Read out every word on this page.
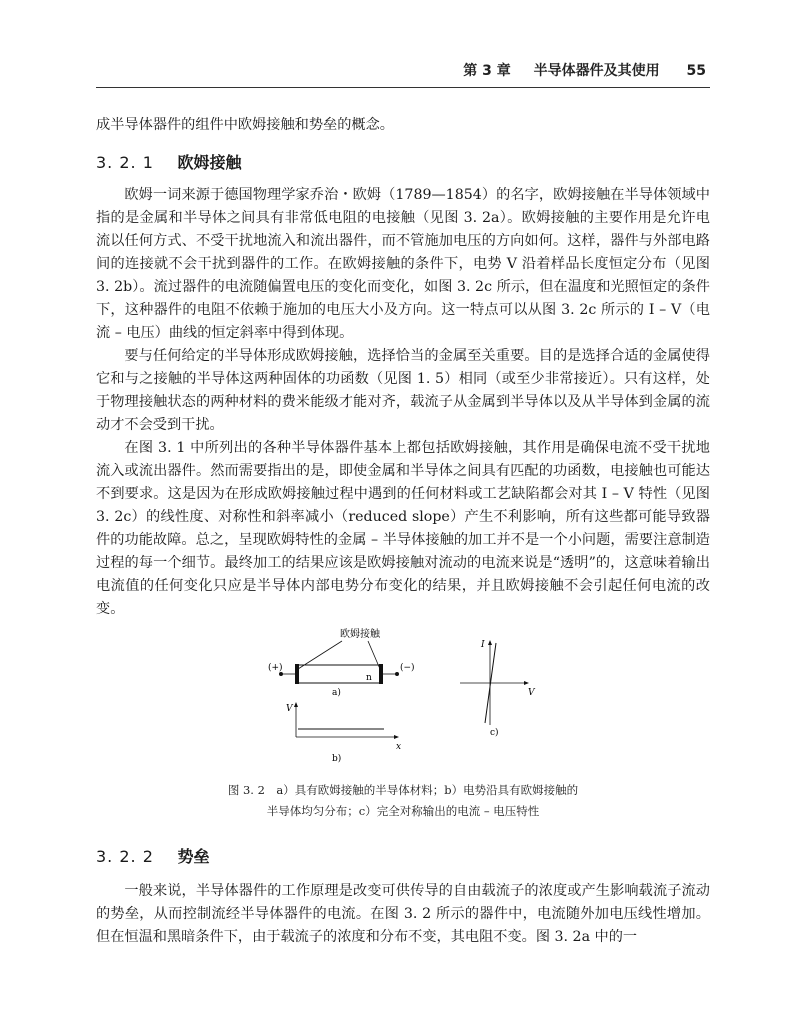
第 3 章 半导体器件及其使用 55

成半导体器件的组件中欧姆接触和势垒的概念。

3. 2. 1 欧姆接触

欧姆一词来源于德国物理学家乔治・欧姆（1789—1854）的名字，欧姆接触在半导体领域中指的是金属和半导体之间具有非常低电阻的电接触（见图 3. 2a）。欧姆接触的主要作用是允许电流以任何方式、不受干扰地流入和流出器件，而不管施加电压的方向如何。这样，器件与外部电路间的连接就不会干扰到器件的工作。在欧姆接触的条件下，电势 V 沿着样品长度恒定分布（见图 3. 2b）。流过器件的电流随偏置电压的变化而变化，如图 3. 2c 所示，但在温度和光照恒定的条件下，这种器件的电阻不依赖于施加的电压大小及方向。这一特点可以从图 3. 2c 所示的 I – V（电流 – 电压）曲线的恒定斜率中得到体现。

要与任何给定的半导体形成欧姆接触，选择恰当的金属至关重要。目的是选择合适的金属使得它和与之接触的半导体这两种固体的功函数（见图 1. 5）相同（或至少非常接近）。只有这样，处于物理接触状态的两种材料的费米能级才能对齐，载流子从金属到半导体以及从半导体到金属的流动才不会受到干扰。

在图 3. 1 中所列出的各种半导体器件基本上都包括欧姆接触，其作用是确保电流不受干扰地流入或流出器件。然而需要指出的是，即使金属和半导体之间具有匹配的功函数，电接触也可能达不到要求。这是因为在形成欧姆接触过程中遇到的任何材料或工艺缺陷都会对其 I – V 特性（见图 3. 2c）的线性度、对称性和斜率减小（reduced slope）产生不利影响，所有这些都可能导致器件的功能故障。总之，呈现欧姆特性的金属 – 半导体接触的加工并不是一个小问题，需要注意制造过程的每一个细节。最终加工的结果应该是欧姆接触对流动的电流来说是“透明”的，这意味着输出电流值的任何变化只应是半导体内部电势分布变化的结果，并且欧姆接触不会引起任何电流的改变。

欧姆接触
(+)	(−)
n
a)
V
x
b)
I
V
c)
图 3. 2　a）具有欧姆接触的半导体材料；b）电势沿具有欧姆接触的
半导体均匀分布；c）完全对称输出的电流 – 电压特性
3. 2. 2 势垒

一般来说，半导体器件的工作原理是改变可供传导的自由载流子的浓度或产生影响载流子流动的势垒，从而控制流经半导体器件的电流。在图 3. 2 所示的器件中，电流随外加电压线性增加。但在恒温和黑暗条件下，由于载流子的浓度和分布不变，其电阻不变。图 3. 2a 中的一
